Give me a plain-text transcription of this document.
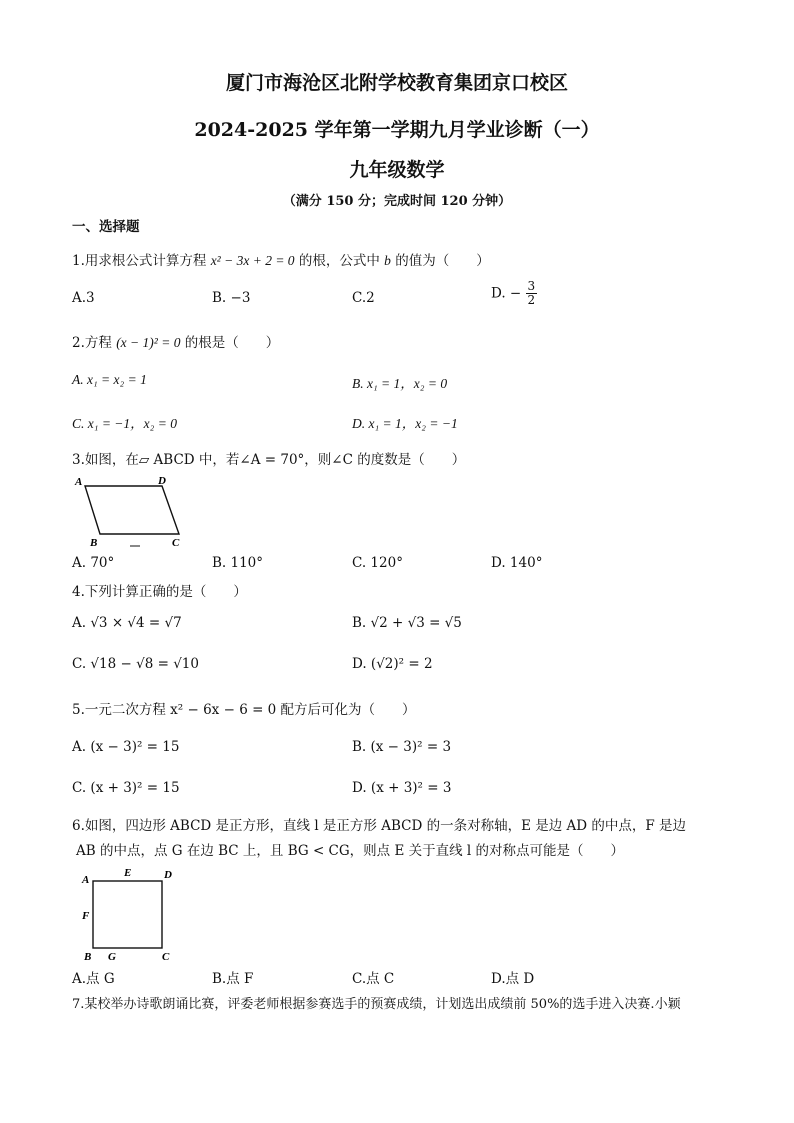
厦门市海沧区北附学校教育集团京口校区
2024-2025 学年第一学期九月学业诊断（一）
九年级数学
（满分 150 分；完成时间 120 分钟）
一、选择题
1.用求根公式计算方程 x² − 3x + 2 = 0 的根，公式中 b 的值为（　　）
A.3	B. −3	C.2	D. − $\frac{3}{2}$
2.方程 (x − 1)² = 0 的根是（　　）
A. x₁ = x₂ = 1	B. x₁ = 1，x₂ = 0
C. x₁ = −1，x₂ = 0	D. x₁ = 1，x₂ = −1
3.如图，在▱ ABCD 中，若∠A = 70°，则∠C 的度数是（　　）
A	D
B	C
A. 70°	B. 110°	C. 120°	D. 140°
4.下列计算正确的是（　　）
A. √3 × √4 = √7	B. √2 + √3 = √5
C. √18 − √8 = √10	D. (√2)² = 2
5.一元二次方程 x² − 6x − 6 = 0 配方后可化为（　　）
A. (x − 3)² = 15	B. (x − 3)² = 3
C. (x + 3)² = 15	D. (x + 3)² = 3
6.如图，四边形 ABCD 是正方形，直线 l 是正方形 ABCD 的一条对称轴，E 是边 AD 的中点，F 是边
AB 的中点，点 G 在边 BC 上，且 BG < CG，则点 E 关于直线 l 的对称点可能是（　　）
A
E	D
F
B G	C
A.点 G	B.点 F	C.点 C	D.点 D
7.某校举办诗歌朗诵比赛，评委老师根据参赛选手的预赛成绩，计划选出成绩前 50%的选手进入决赛.小颖
